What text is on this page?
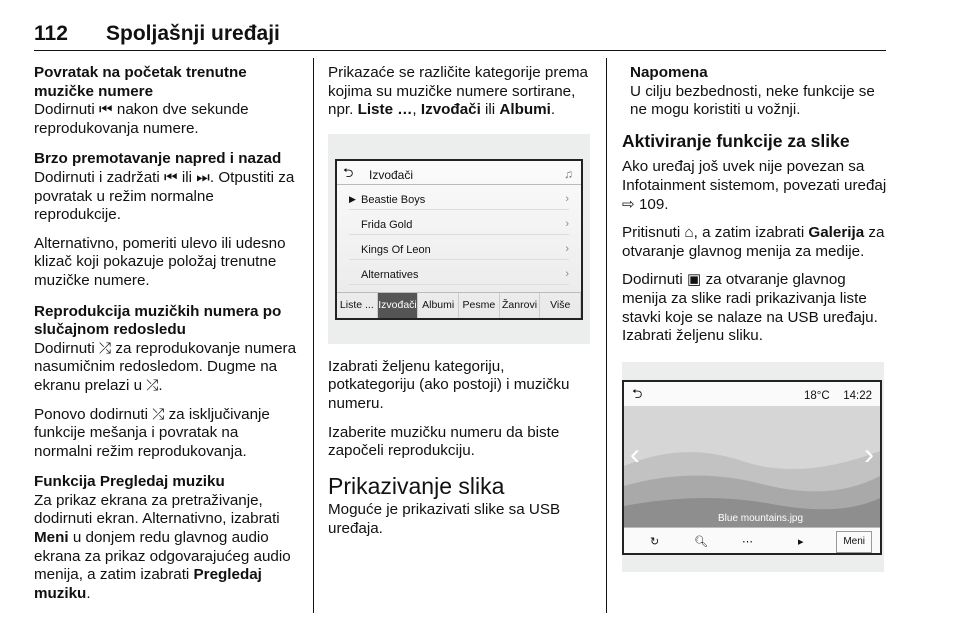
112 Spoljašnji uređaji
Povratak na početak trenutne muzičke numere

Dodirnuti ⏮ nakon dve sekunde reprodukovanja numere.

Brzo premotavanje napred i nazad

Dodirnuti i zadržati ⏮ ili ⏭. Otpustiti za povratak u režim normalne reprodukcije.

Alternativno, pomeriti ulevo ili udesno klizač koji pokazuje položaj trenutne muzičke numere.

Reprodukcija muzičkih numera po slučajnom redosledu

Dodirnuti ⤮ za reprodukovanje numera nasumičnim redosledom. Dugme na ekranu prelazi u ⤮.

Ponovo dodirnuti ⤮ za isključivanje funkcije mešanja i povratak na normalni režim reprodukovanja.

Funkcija Pregledaj muziku

Za prikaz ekrana za pretraživanje, dodirnuti ekran. Alternativno, izabrati Meni u donjem redu glavnog audio ekrana za prikaz odgovarajućeg audio menija, a zatim izabrati Pregledaj muziku.

Prikazaće se različite kategorije prema kojima su muzičke numere sortirane, npr. Liste …, Izvođači ili Albumi.

⮌ Izvođači	♫
▶ Beastie Boys	›
Frida Gold	›
Kings Of Leon	›
Alternatives	›
Liste ... Izvođači Albumi Pesme Žanrovi	Više

Izabrati željenu kategoriju, potkategoriju (ako postoji) i muzičku numeru.

Izaberite muzičku numeru da biste započeli reprodukciju.

Prikazivanje slika

Moguće je prikazivati slike sa USB uređaja.

Napomena
U cilju bezbednosti, neke funkcije se ne mogu koristiti u vožnji.
Aktiviranje funkcije za slike

Ako uređaj još uvek nije povezan sa Infotainment sistemom, povezati uređaj ⇨ 109.

Pritisnuti ⌂, a zatim izabrati Galerija za otvaranje glavnog menija za medije.

Dodirnuti ▣ za otvaranje glavnog menija za slike radi prikazivanja liste stavki koje se nalaze na USB uređaju. Izabrati željenu sliku.

⮌	18°C 14:22
‹	›
Blue mountains.jpg
↻	🔍︎	⋯	▸	Meni
